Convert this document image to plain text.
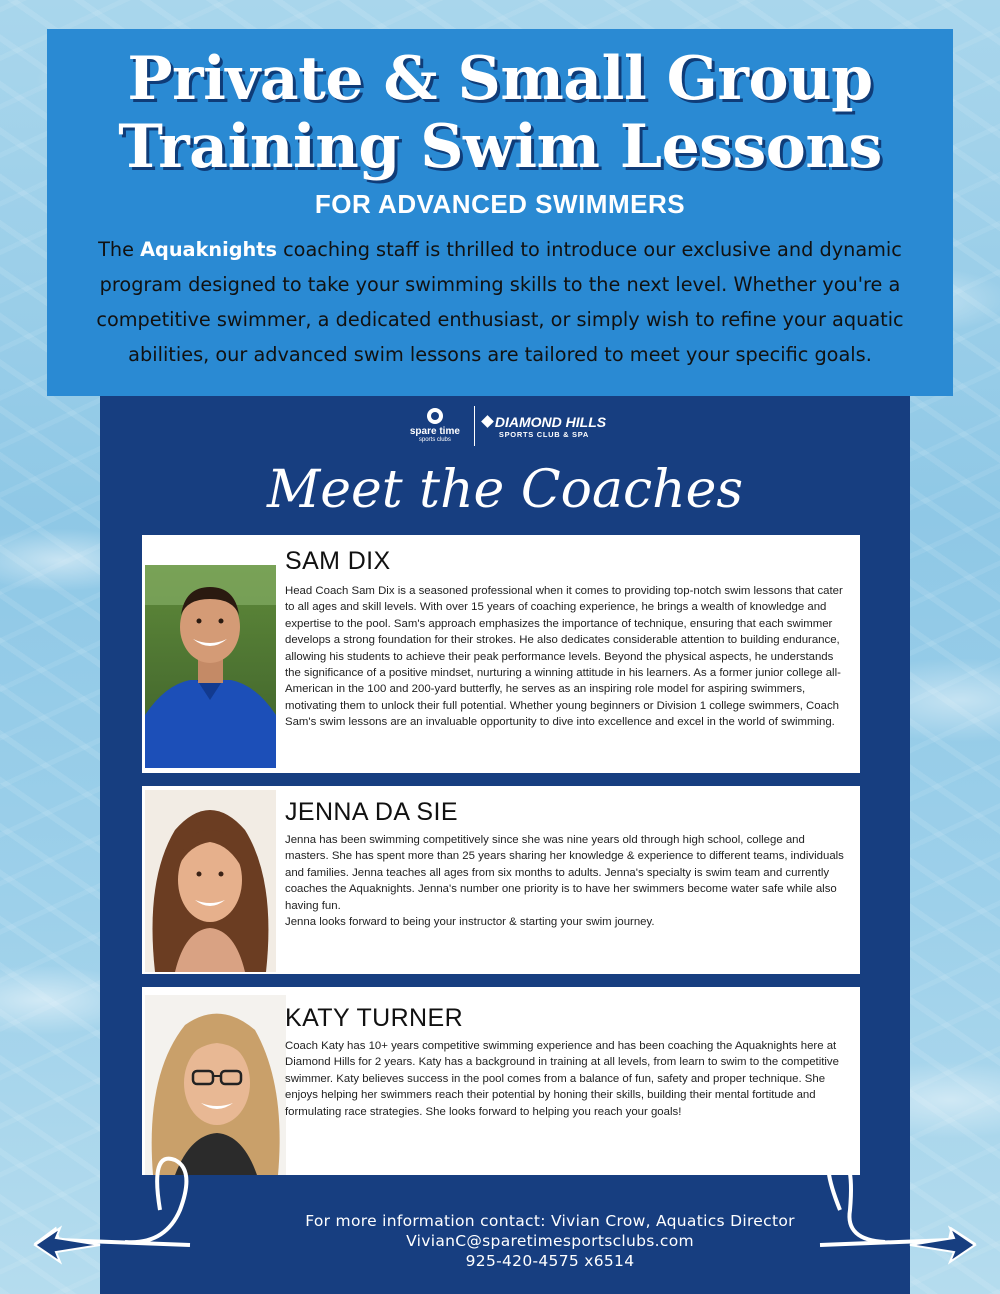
Private & Small Group
Training Swim Lessons
FOR ADVANCED SWIMMERS
The Aquaknights coaching staff is thrilled to introduce our exclusive and dynamic program designed to take your swimming skills to the next level. Whether you're a competitive swimmer, a dedicated enthusiast, or simply wish to refine your aquatic abilities, our advanced swim lessons are tailored to meet your specific goals.
spare time
sports clubs
DIAMOND HILLS
SPORTS CLUB & SPA
Meet the Coaches
SAM DIX

Head Coach Sam Dix is a seasoned professional when it comes to providing top-notch swim lessons that cater to all ages and skill levels. With over 15 years of coaching experience, he brings a wealth of knowledge and expertise to the pool. Sam's approach emphasizes the importance of technique, ensuring that each swimmer develops a strong foundation for their strokes. He also dedicates considerable attention to building endurance, allowing his students to achieve their peak performance levels. Beyond the physical aspects, he understands the significance of a positive mindset, nurturing a winning attitude in his learners. As a former junior college all-American in the 100 and 200-yard butterfly, he serves as an inspiring role model for aspiring swimmers, motivating them to unlock their full potential. Whether young beginners or Division 1 college swimmers, Coach Sam's swim lessons are an invaluable opportunity to dive into excellence and excel in the world of swimming.

JENNA DA SIE

Jenna has been swimming competitively since she was nine years old through high school, college and masters. She has spent more than 25 years sharing her knowledge & experience to different teams, individuals and families. Jenna teaches all ages from six months to adults. Jenna's specialty is swim team and currently coaches the Aquaknights. Jenna's number one priority is to have her swimmers become water safe while also having fun.
Jenna looks forward to being your instructor & starting your swim journey.

KATY TURNER

Coach Katy has 10+ years competitive swimming experience and has been coaching the Aquaknights here at Diamond Hills for 2 years. Katy has a background in training at all levels, from learn to swim to the competitive swimmer. Katy believes success in the pool comes from a balance of fun, safety and proper technique. She enjoys helping her swimmers reach their potential by honing their skills, building their mental fortitude and formulating race strategies. She looks forward to helping you reach your goals!

For more information contact: Vivian Crow, Aquatics Director
VivianC@sparetimesportsclubs.com
925-420-4575 x6514
